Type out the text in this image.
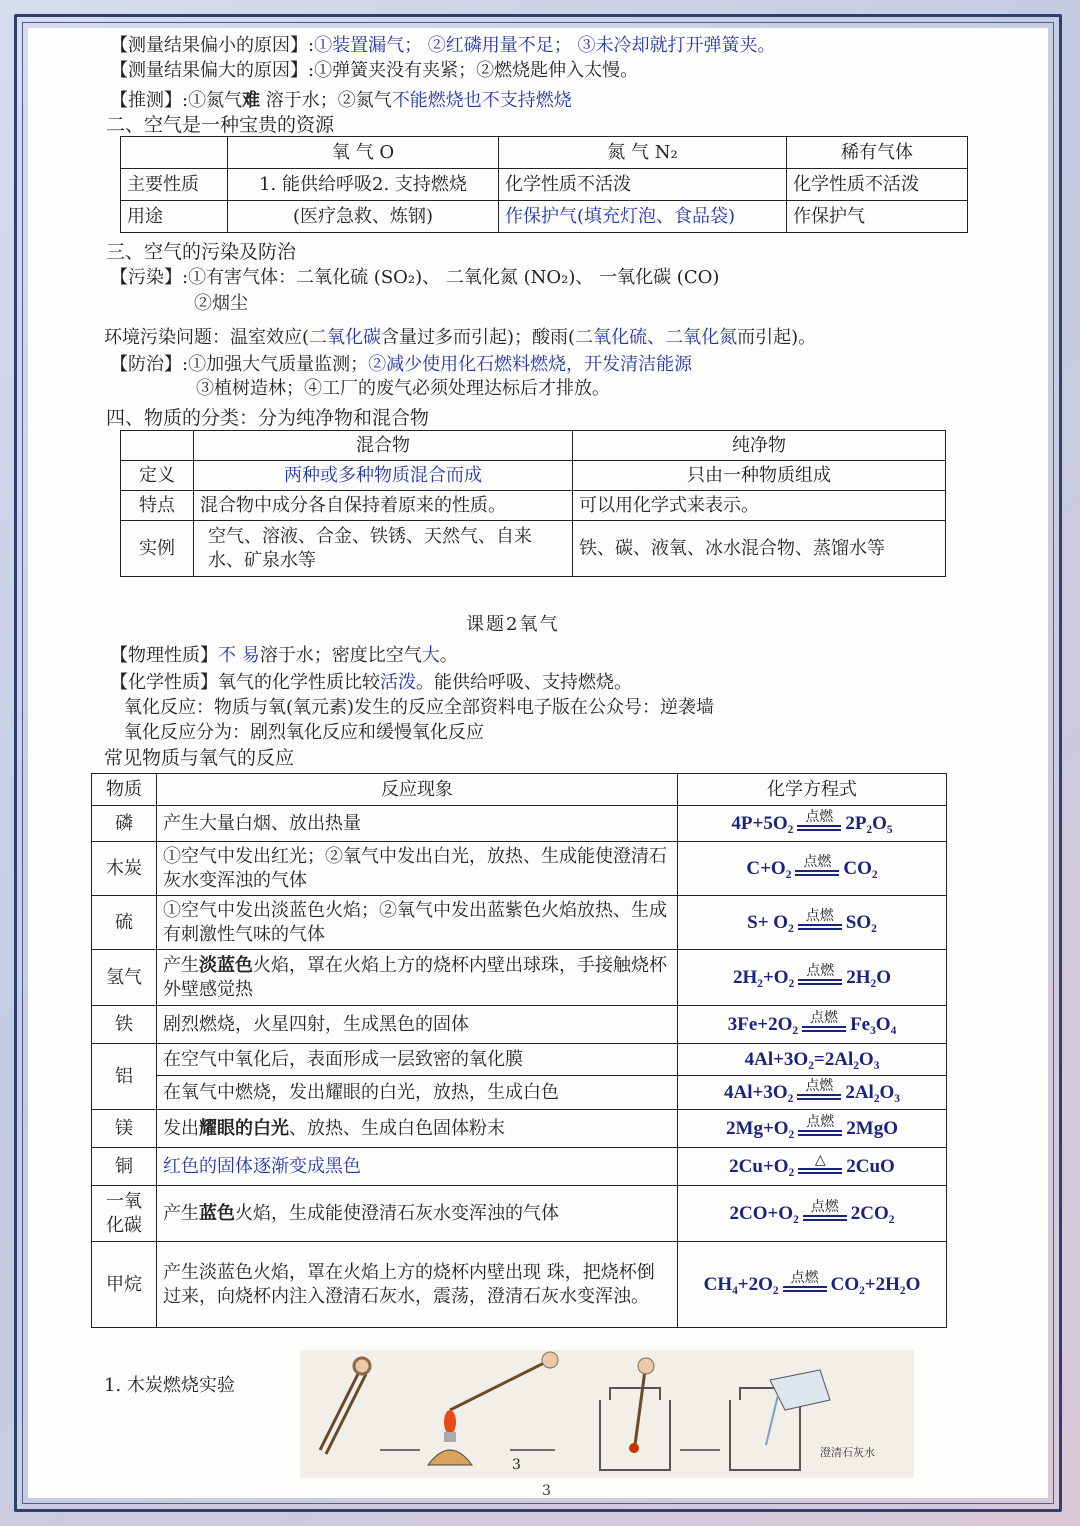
【测量结果偏小的原因】:①装置漏气； ②红磷用量不足； ③未冷却就打开弹簧夹。
【测量结果偏大的原因】:①弹簧夹没有夹紧；②燃烧匙伸入太慢。
【推测】:①氮气难 溶于水；②氮气不能燃烧也不支持燃烧
二、空气是一种宝贵的资源
	氧 气 O	氮 气 N₂	稀有气体
主要性质	1. 能供给呼吸2. 支持燃烧	化学性质不活泼	化学性质不活泼
用途	(医疗急救、炼钢)	作保护气(填充灯泡、食品袋)	作保护气
三、空气的污染及防治
【污染】:①有害气体：二氧化硫 (SO₂)、 二氧化氮 (NO₂)、 一氧化碳 (CO)
②烟尘
环境污染问题：温室效应(二氧化碳含量过多而引起)；酸雨(二氧化硫、二氧化氮而引起)。
【防治】:①加强大气质量监测；②减少使用化石燃料燃烧，开发清洁能源
③植树造林；④工厂的废气必须处理达标后才排放。
四、物质的分类：分为纯净物和混合物
	混合物	纯净物
定义	两种或多种物质混合而成	只由一种物质组成
特点	混合物中成分各自保持着原来的性质。	可以用化学式来表示。
实例	空气、溶液、合金、铁锈、天然气、自来水、矿泉水等	铁、碳、液氧、冰水混合物、蒸馏水等
课题2氧气
【物理性质】不 易溶于水；密度比空气大。
【化学性质】氧气的化学性质比较活泼。能供给呼吸、支持燃烧。
氧化反应：物质与氧(氧元素)发生的反应全部资料电子版在公众号：逆袭墙
氧化反应分为：剧烈氧化反应和缓慢氧化反应
常见物质与氧气的反应
物质	反应现象	化学方程式
磷	产生大量白烟、放出热量	4P+5O₂ 点燃 2P₂O₅

木炭	①空气中发出红光；②氧气中发出白光，放热、生成能使澄清石灰水变浑浊的气体	C+O₂ 点燃 CO₂

硫	①空气中发出淡蓝色火焰；②氧气中发出蓝紫色火焰放热、生成有刺激性气味的气体	S+ O₂ 点燃 SO₂

氢气	产生淡蓝色火焰，罩在火焰上方的烧杯内壁出球珠，手接触烧杯外壁感觉热	2H₂+O₂ 点燃 2H₂O

铁	剧烈燃烧，火星四射，生成黑色的固体	3Fe+2O₂ 点燃 Fe₃O₄

铝	在空气中氧化后，表面形成一层致密的氧化膜	4Al+3O₂=2Al₂O₃

	在氧气中燃烧，发出耀眼的白光，放热，生成白色	4Al+3O₂ 点燃 2Al₂O₃

镁	发出耀眼的白光、放热、生成白色固体粉末	2Mg+O₂ 点燃 2MgO

铜	红色的固体逐渐变成黑色	2Cu+O₂ △ 2CuO

一氧化碳	产生蓝色火焰，生成能使澄清石灰水变浑浊的气体	2CO+O₂ 点燃 2CO₂

甲烷	产生淡蓝色火焰，罩在火焰上方的烧杯内壁出现 珠，把烧杯倒过来，向烧杯内注入澄清石灰水，震荡，澄清石灰水变浑浊。	CH₄+2O₂ 点燃 CO₂+2H₂O
1. 木炭燃烧实验
澄清石灰水
3
3
